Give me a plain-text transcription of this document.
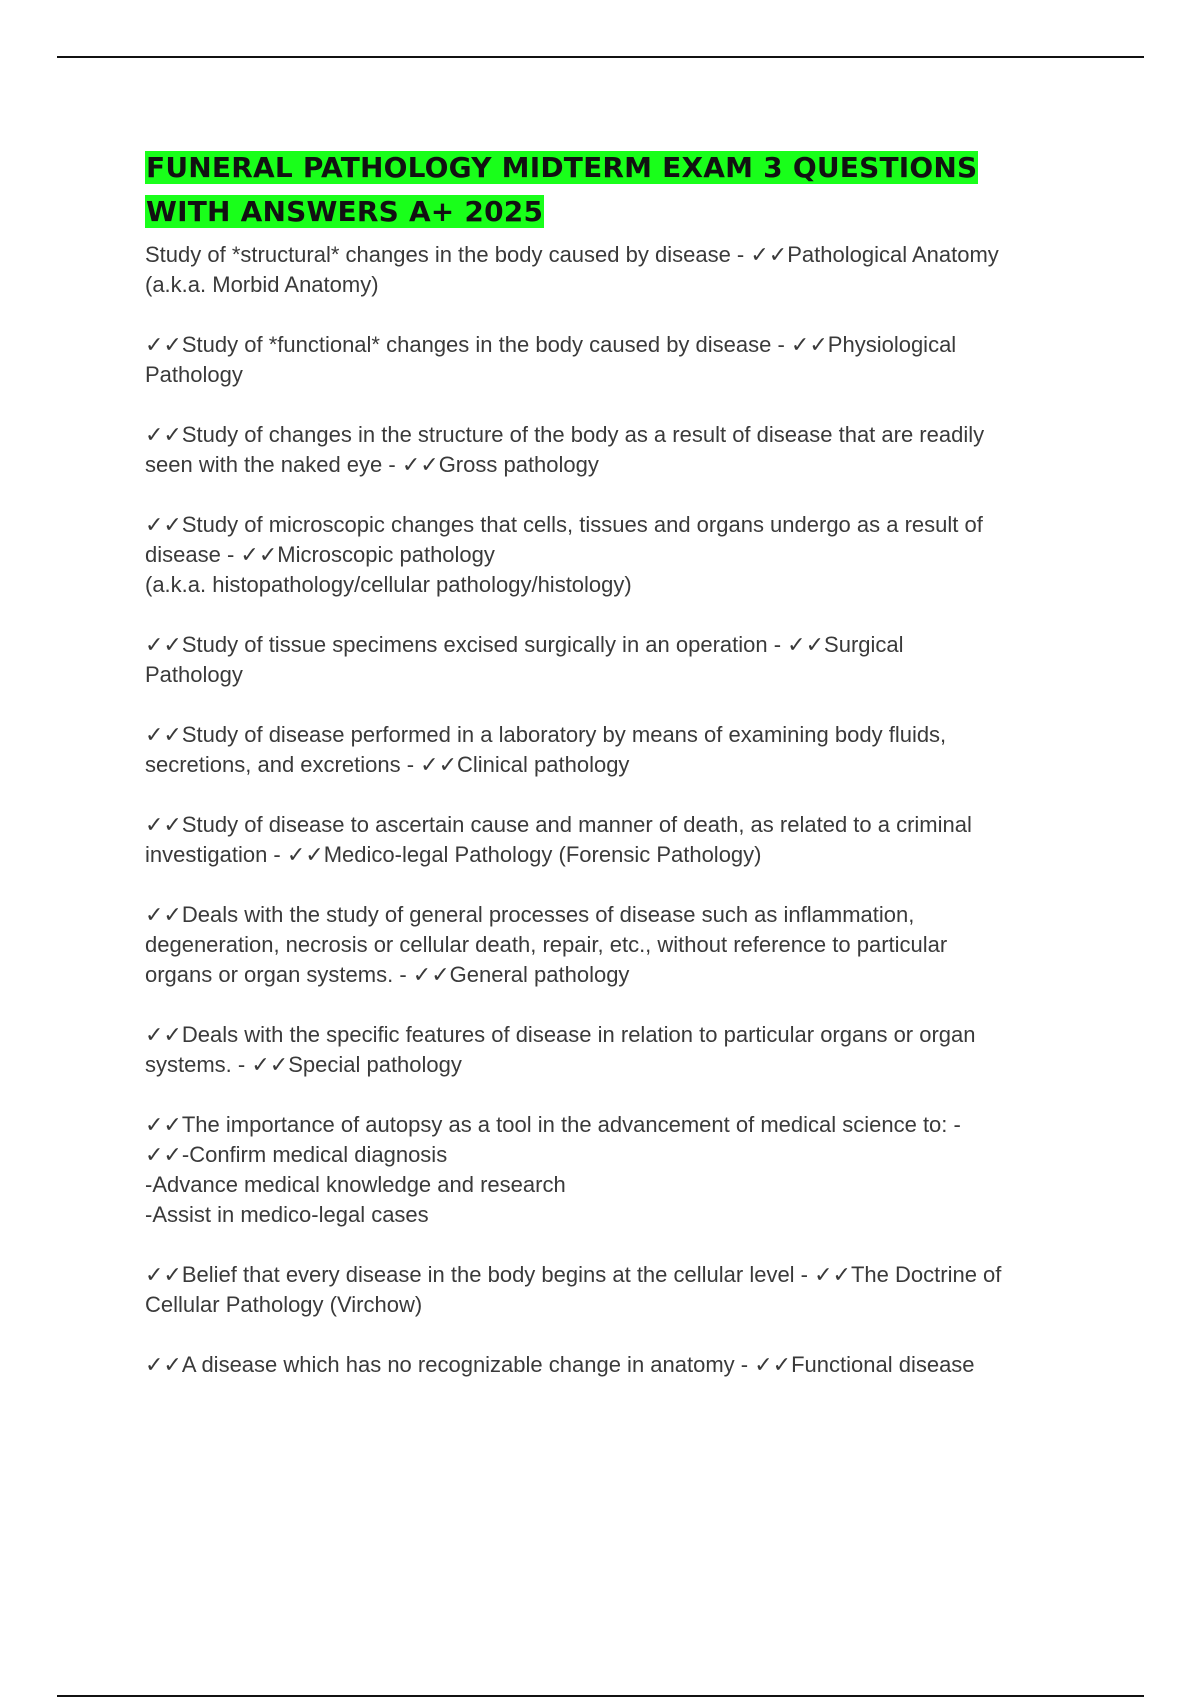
FUNERAL PATHOLOGY MIDTERM EXAM 3 QUESTIONS
WITH ANSWERS A+ 2025

Study of *structural* changes in the body caused by disease - ✓✓Pathological Anatomy
(a.k.a. Morbid Anatomy)

✓✓Study of *functional* changes in the body caused by disease - ✓✓Physiological
Pathology

✓✓Study of changes in the structure of the body as a result of disease that are readily
seen with the naked eye - ✓✓Gross pathology

✓✓Study of microscopic changes that cells, tissues and organs undergo as a result of
disease - ✓✓Microscopic pathology
(a.k.a. histopathology/cellular pathology/histology)

✓✓Study of tissue specimens excised surgically in an operation - ✓✓Surgical
Pathology

✓✓Study of disease performed in a laboratory by means of examining body fluids,
secretions, and excretions - ✓✓Clinical pathology

✓✓Study of disease to ascertain cause and manner of death, as related to a criminal
investigation - ✓✓Medico-legal Pathology (Forensic Pathology)

✓✓Deals with the study of general processes of disease such as inflammation,
degeneration, necrosis or cellular death, repair, etc., without reference to particular
organs or organ systems. - ✓✓General pathology

✓✓Deals with the specific features of disease in relation to particular organs or organ
systems. - ✓✓Special pathology

✓✓The importance of autopsy as a tool in the advancement of medical science to: -
✓✓-Confirm medical diagnosis
-Advance medical knowledge and research
-Assist in medico-legal cases

✓✓Belief that every disease in the body begins at the cellular level - ✓✓The Doctrine of
Cellular Pathology (Virchow)

✓✓A disease which has no recognizable change in anatomy - ✓✓Functional disease
